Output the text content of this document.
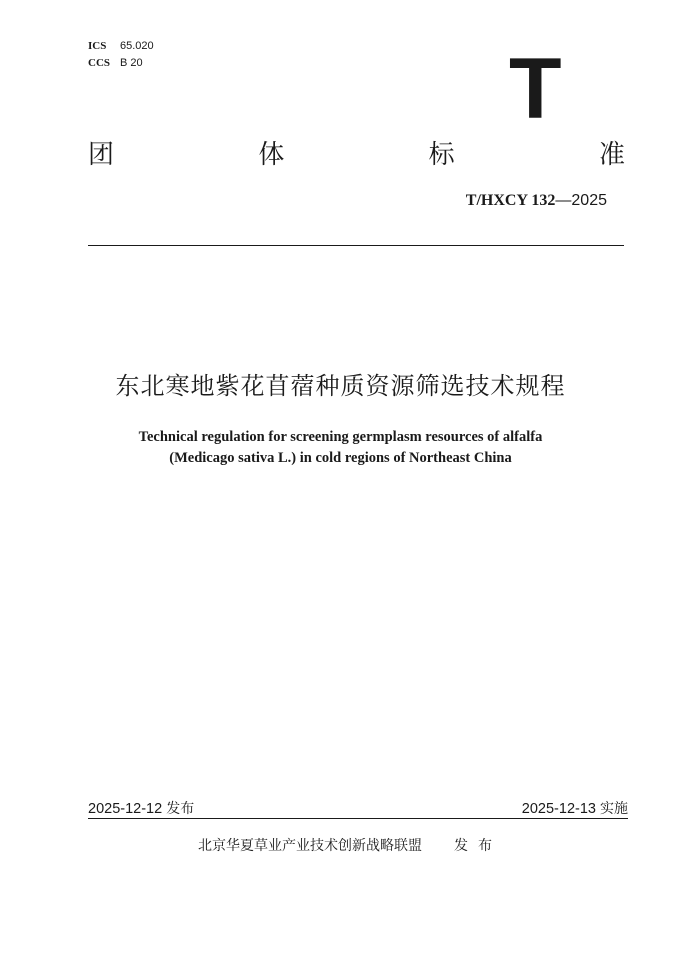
ICS	65.020
CCS B 20	T
团	体	标	准
T/HXCY 132—2025
东北寒地紫花苜蓿种质资源筛选技术规程
Technical regulation for screening germplasm resources of alfalfa
(Medicago sativa L.) in cold regions of Northeast China
2025-12-12 发布	2025-12-13 实施
北京华夏草业产业技术创新战略联盟 发布
